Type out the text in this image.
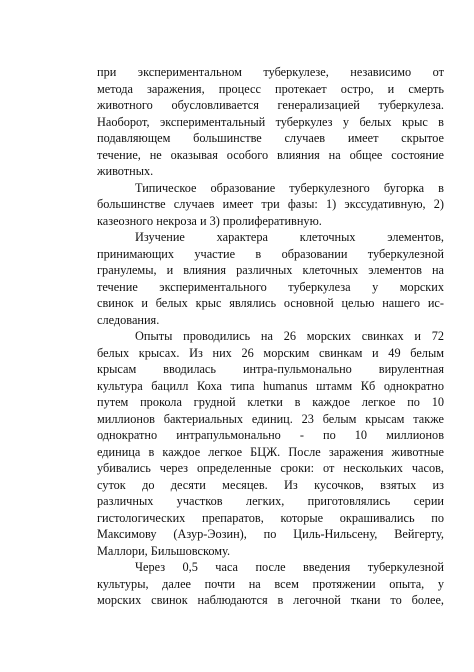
при экспериментальном туберкулезе, независимо от
метода заражения, процесс протекает остро, и смерть
животного обусловливается генерализацией туберкулеза.
Наоборот, экспериментальный туберкулез у белых крыс в
подавляющем большинстве случаев имеет скрытое
течение, не оказывая особого влияния на общее состояние
животных.
Типическое образование туберкулезного бугорка в
большинстве случаев имеет три фазы: 1) экссудативную, 2)
казеозного некроза и 3) пролиферативную.
Изучение характера клеточных элементов,
принимающих участие в образовании туберкулезной
гранулемы, и влияния различных клеточных элементов на
течение экспериментального туберкулеза у морских
свинок и белых крыс являлись основной целью нашего ис-
следования.
Опыты проводились на 26 морских свинках и 72
белых крысах. Из них 26 морским свинкам и 49 белым
крысам вводилась интра-пульмонально вирулентная
культура бацилл Коха типа humanus штамм Кб однократно
путем прокола грудной клетки в каждое легкое по 10
миллионов бактериальных единиц. 23 белым крысам также
однократно интрапульмонально - по 10 миллионов
единица в каждое легкое БЦЖ. После заражения животные
убивались через определенные сроки: от нескольких часов,
суток до десяти месяцев. Из кусочков, взятых из
различных участков легких, приготовлялись серии
гистологических препаратов, которые окрашивались по
Максимову (Азур-Эозин), по Циль-Нильсену, Вейгерту,
Маллори, Бильшовскому.
Через 0,5 часа после введения туберкулезной
культуры, далее почти на всем протяжении опыта, у
морских свинок наблюдаются в легочной ткани то более,
